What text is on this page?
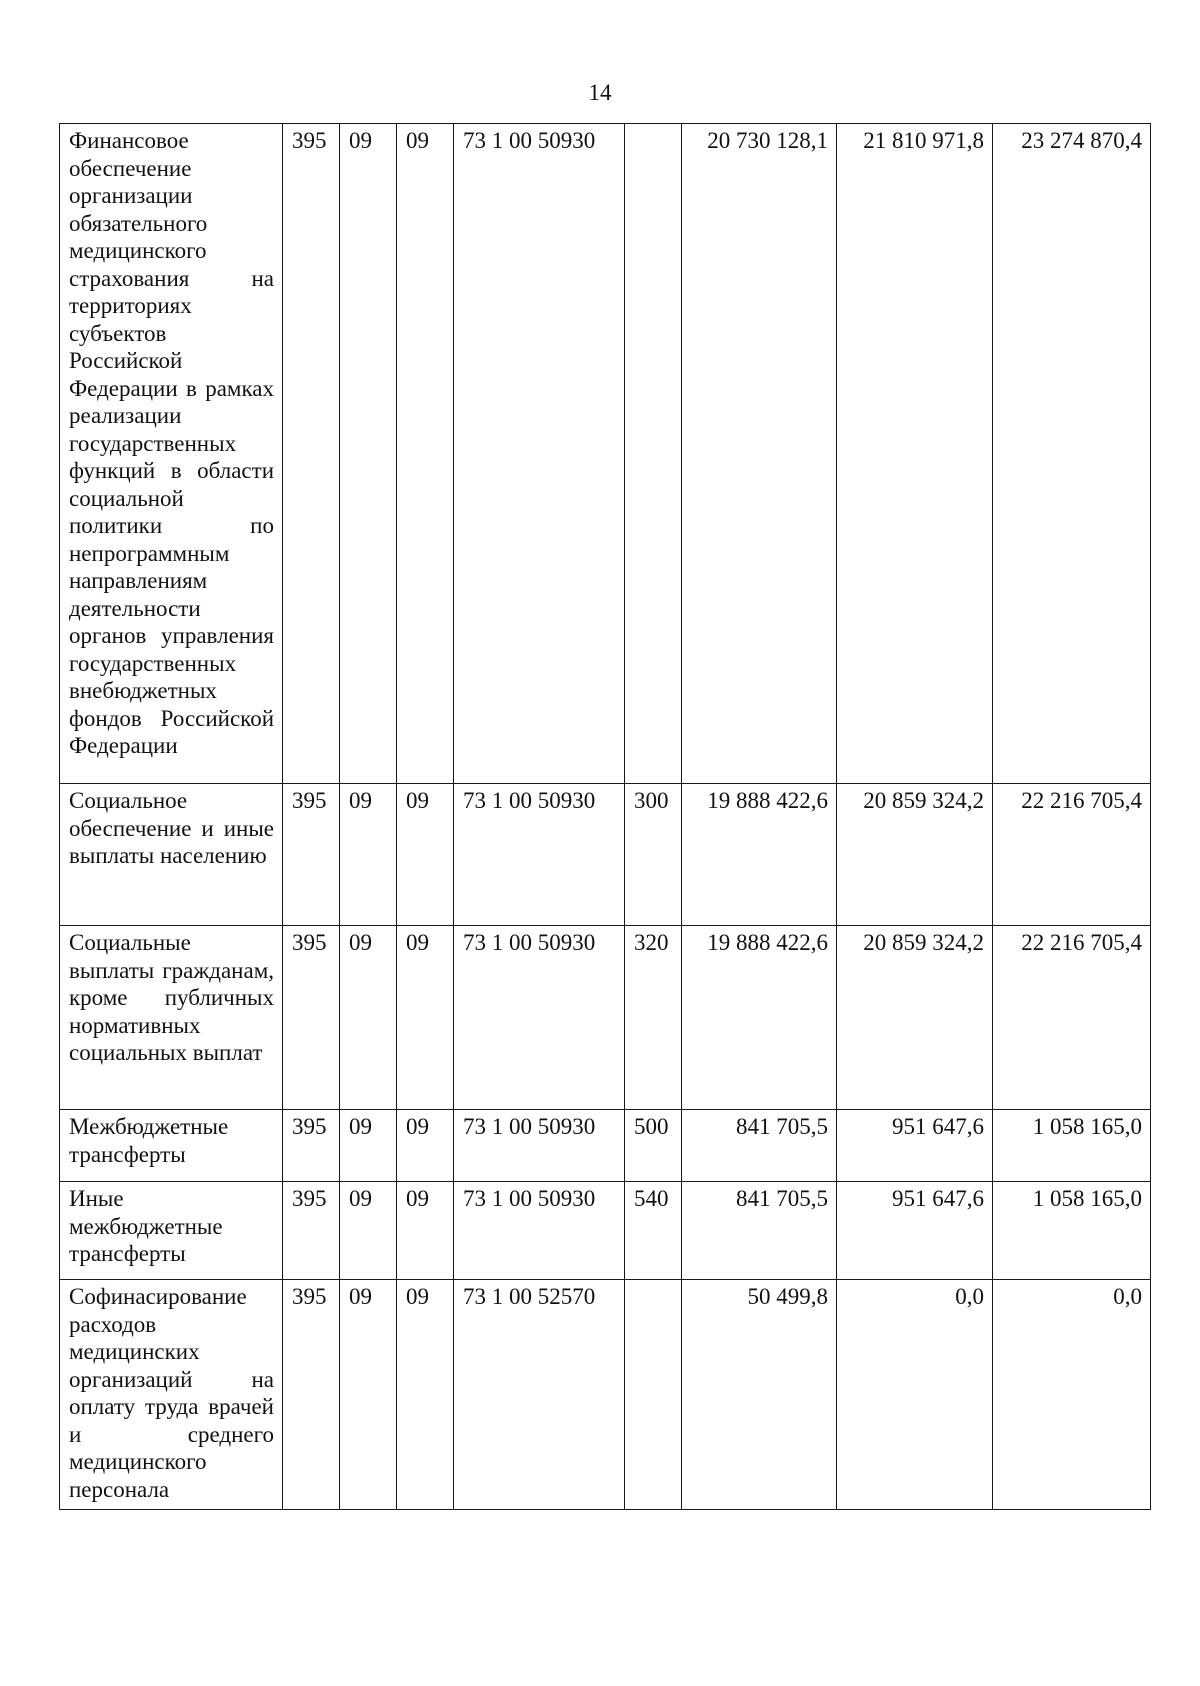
14
Финансовое обеспечение организации обязательного медицинского страхования на территориях субъектов Российской Федерации в рамках реализации государственных функций в области социальной политики по непрограммным направлениям деятельности органов управления государственных внебюджетных фондов Российской Федерации	395	09	09	73 1 00 50930		20 730 128,1	21 810 971,8	23 274 870,4
Социальное обеспечение и иные выплаты населению	395	09	09	73 1 00 50930	300	19 888 422,6	20 859 324,2	22 216 705,4
Социальные выплаты гражданам, кроме публичных нормативных социальных выплат	395	09	09	73 1 00 50930	320	19 888 422,6	20 859 324,2	22 216 705,4
Межбюджетные трансферты	395	09	09	73 1 00 50930	500	841 705,5	951 647,6	1 058 165,0
Иные межбюджетные трансферты	395	09	09	73 1 00 50930	540	841 705,5	951 647,6	1 058 165,0
Софинасирование расходов медицинских организаций на оплату труда врачей и среднего медицинского персонала	395	09	09	73 1 00 52570		50 499,8	0,0	0,0
